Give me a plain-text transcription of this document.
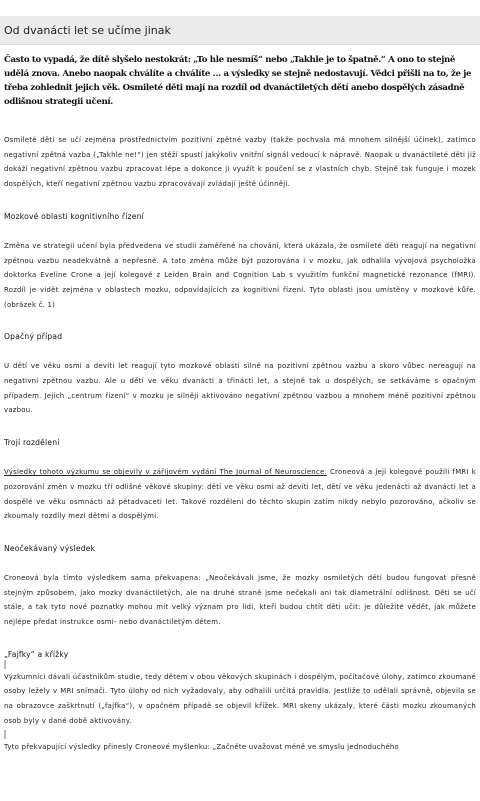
Od dvanácti let se učíme jinak
Často to vypadá, že dítě slyšelo nestokrát: „To hle nesmíš“ nebo „Takhle je to špatně.“ A ono to stejně udělá znova. Anebo naopak chválíte a chválíte … a výsledky se stejně nedostavují. Vědci přišli na to, že je třeba zohlednit jejich věk. Osmileté děti mají na rozdíl od dvanáctiletých dětí anebo dospělých zásadně odlišnou strategii učení.

Osmileté děti se učí zejména prostřednictvím pozitivní zpětné vazby (takže pochvala má mnohem silnější účinek), zatímco negativní zpětná vazba („Takhle ne!“) jen stěží spustí jakýkoliv vnitřní signál vedoucí k nápravě. Naopak u dvanáctileté děti již dokáží negativní zpětnou vazbu zpracovat lépe a dokonce ji využít k poučení se z vlastních chyb. Stejně tak funguje i mozek dospělých, kteří negativní zpětnou vazbu zpracovávají zvládají ještě účinněji.

Mozkové oblasti kognitivního řízení

Změna ve strategii učení byla předvedena ve studii zaměřené na chování, která ukázala, že osmileté děti reagují na negativní zpětnou vazbu neadekvátně a nepřesně. A tato změna může být pozorována i v mozku, jak odhalila vývojová psycholožka doktorka Eveline Crone a její kolegové z Leiden Brain and Cognition Lab s využitím funkční magnetické rezonance (fMRI). Rozdíl je vidět zejména v oblastech mozku, odpovídajících za kognitivní řízení. Tyto oblasti jsou umístěny v mozkové kůře. (obrázek č. 1)

Opačný případ

U dětí ve věku osmi a devíti let reagují tyto mozkové oblasti silně na pozitivní zpětnou vazbu a skoro vůbec nereagují na negativní zpětnou vazbu. Ale u dětí ve věku dvanácti a třinácti let, a stejně tak u dospělých, se setkáváme s opačným případem. Jejich „centrum řízení“ v mozku je silněji aktivováno negativní zpětnou vazbou a mnohem méně pozitivní zpětnou vazbou.

Trojí rozdělení

Výsledky tohoto výzkumu se objevily v zářijovém vydání The Journal of Neuroscience. Croneová a její kolegové použili fMRI k pozorování změn v mozku tří odlišné věkové skupiny: dětí ve věku osmi až devíti let, dětí ve věku jedenácti až dvanácti let a dospělé ve věku osmnácti až pětadvaceti let. Takové rozdělení do těchto skupin zatím nikdy nebylo pozorováno, ačkoliv se zkoumaly rozdíly mezi dětmi a dospělými.

Neočekávaný výsledek

Croneová byla tímto výsledkem sama překvapena: „Neočekávali jsme, že mozky osmiletých dětí budou fungovat přesně stejným způsobem, jako mozky dvanáctiletých, ale na druhé straně jsme nečekali ani tak diametrální odlišnost. Děti se učí stále, a tak tyto nové poznatky mohou mít velký význam pro lidi, kteří budou chtít děti učit: je důležité vědět, jak můžete nejlépe předat instrukce osmi- nebo dvanáctiletým dětem.

„Fajfky“ a křížky

Výzkumníci dávali účastníkům studie, tedy dětem v obou věkových skupinách i dospělým, počítačové úlohy, zatímco zkoumané osoby ležely v MRI snímači. Tyto úlohy od nich vyžadovaly, aby odhalili určitá pravidla. Jestliže to udělali správně, objevila se na obrazovce zaškrtnutí („fajfka“), v opačném případě se objevil křížek. MRI skeny ukázaly, které části mozku zkoumaných osob byly v dané době aktivovány.

Tyto překvapující výsledky přinesly Croneové myšlenku: „Začněte uvažovat méně ve smyslu jednoduchého
